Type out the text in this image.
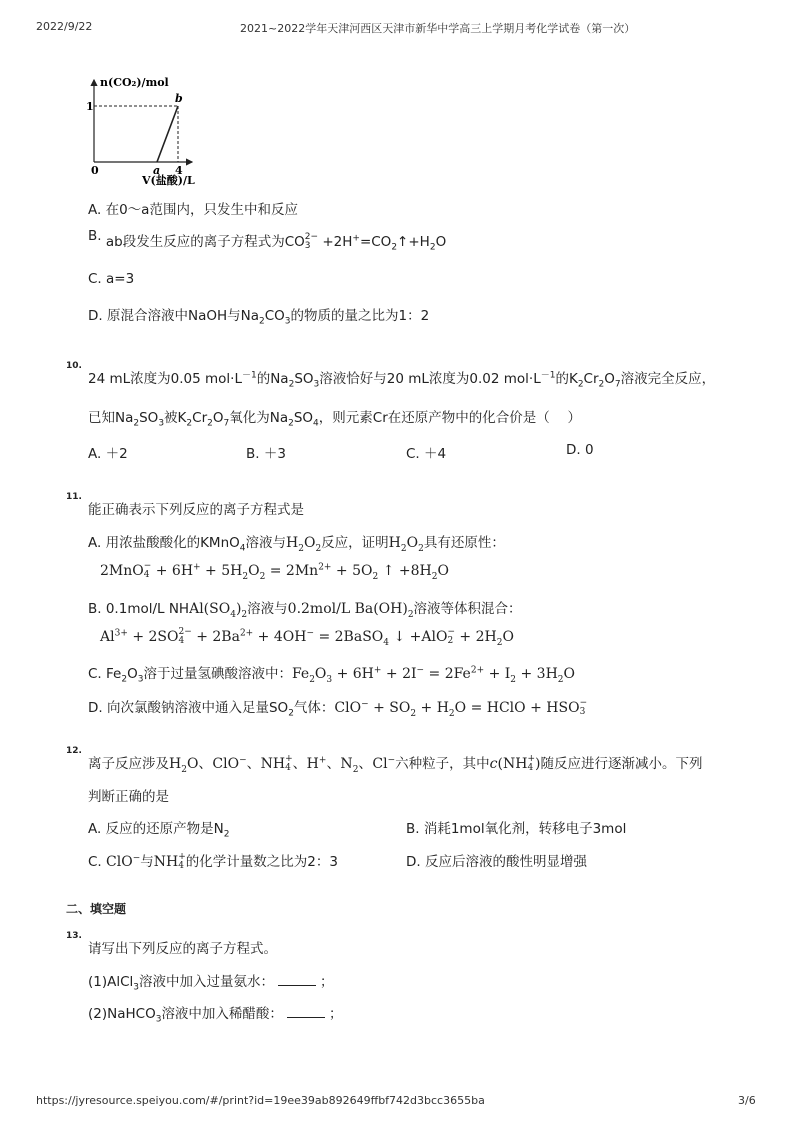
2022/9/22	2021~2022学年天津河西区天津市新华中学高三上学期月考化学试卷（第一次）
n(CO₂)/mol
1
b
0	a 4
V(盐酸)/L
A. 在0～a范围内，只发生中和反应
B. ab段发生反应的离子方程式为CO 2−
$3 +2H^+=CO_2↑+H_2O$
C. a=3
D. 原混合溶液中NaOH与$Na_2CO_3$的物质的量之比为1：2
10.
24 mL浓度为0.05 $mol\cdot L^{-1}$的$Na_2SO_3$溶液恰好与20 mL浓度为0.02 $mol\cdot L^{-1}$的$K_2Cr_2O_7$溶液完全反应，
已知$Na_2SO_3$被$K_2Cr_2O_7$氧化为$Na_2SO_4$，则元素Cr在还原产物中的化合价是（　 ）
A. ＋2	B. ＋3	C. ＋4	D. 0
11.
能正确表示下列反应的离子方程式是
A. 用浓盐酸酸化的KMnO$_4$溶液与$H_2O_2$反应，证明$H_2O_2$具有还原性：
2MnO −
$4 + 6H^+ + 5H_2O_2 = 2Mn^{2+} + 5O_2$ ↑ $+8H_2O$
B. 0.1mol/L $NHAl(SO_4)_2$溶液与0.2mol/L $Ba(OH)_2$溶液等体积混合：
$Al^{3+} + 2SO$ 2−
$4 + 2Ba^{2+} + 4OH^-$ = 2BaSO$_4$ ↓ +AlO −
$2 + 2H_2O$
C. $Fe_2O_3$溶于过量氢碘酸溶液中：$Fe_2O_3 + 6H^+ + 2I^- = 2Fe^{2+} + I_2 + 3H_2O$
D. 向次氯酸钠溶液中通入足量$SO_2$气体：$ClO^- + SO_2 + H_2O$ = HClO + HSO −
3
12.
离子反应涉及$H_2O$、ClO−、NH +
4 、H+、$N_2$、Cl−六种粒子，其中c(NH +
4 )随反应进行逐渐减小。下列
判断正确的是
A. 反应的还原产物是$N_2$	B. 消耗1mol氧化剂，转移电子3mol
C. ClO−与NH +
4 的化学计量数之比为2：3	D. 反应后溶液的酸性明显增强
二、填空题
13.
请写出下列反应的离子方程式。
(1)AlCl$_3$溶液中加入过量氨水：	；
(2)NaHCO$_3$溶液中加入稀醋酸：	；
https://jyresource.speiyou.com/#/print?id=19ee39ab892649ffbf742d3bcc3655ba	3/6
